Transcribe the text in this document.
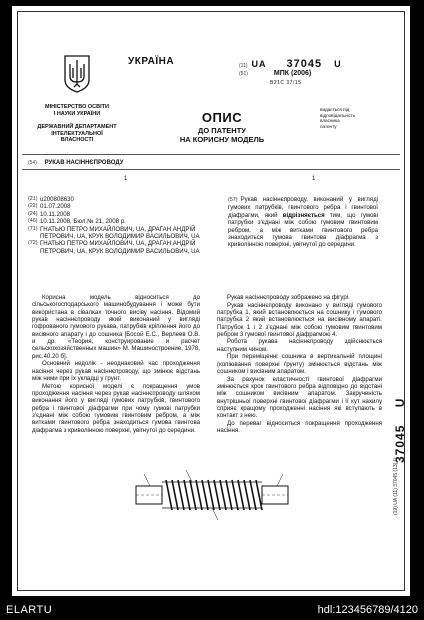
УКРАЇНА
МІНІСТЕРСТВО ОСВІТИ
І НАУКИ УКРАЇНИ
ДЕРЖАВНИЙ ДЕПАРТАМЕНТ
ІНТЕЛЕКТУАЛЬНОЇ
ВЛАСНОСТІ
(11) UA 37045 U
(51)	МПК (2006)
B21C 37/15
ОПИС
ДО ПАТЕНТУ
НА КОРИСНУ МОДЕЛЬ
видається під
відповідальність
власника
патенту
(54) РУКАВ НАСІННЄПРОВОДУ
1	1
(21) u200808630
(22) 01.07.2008
(24) 10.11.2008
(46) 10.11.2008, Бюл.№ 21, 2008 р.
(71) ГНАТЬЮ ПЕТРО МИХАЙЛОВИЧ, UA, ДРАГАН АНДРІЙ ПЕТРОВИЧ, UA, КРУК ВОЛОДИМИР ВАСИЛЬОВИЧ, UA
(72) ГНАТЬЮ ПЕТРО МИХАЙЛОВИЧ, UA, ДРАГАН АНДРІЙ ПЕТРОВИЧ, UA, КРУК ВОЛОДИМИР ВАСИЛЬОВИЧ, UA
(57) Рукав насіннєпроводу, виконаний у вигляді гумових патрубків, гвинтового ребра і гвинтової діафрагми, який відрізняється тим, що гумові патрубки з'єднані між собою гумовим гвинтовим ребром, а між витками гвинтового ребра знаходиться гумова гвинтова діафрагма з криволінною поверхні, увігнутої до середини.

Корисна модель відноситься до сільськогосподарського машинобудування і може бути використана в сівалках точного висіву насіння. Відомий рукав насіннєпроводу який виконаний у вигляді гофрованого гумового рукава, патрубків кріплення його до висівного апарату і до сошника [Босой Е.С., Верлеев О.В. и др. «Теория, конструирование и расчет сельскохозяйственных машин» М. Машиностроение, 1978, рис.40.20 б].

Основний недолік - неоднаковий час проходження насіння через рукав насіннєпроводу, що змінює відстань між ними при їх укладці у грунт.

Метою корисної моделі є покращення умов проходження насіння через рукав насіннєпроводу шляхом виконання його у вигляді гумових патрубків, гвинтового ребра і гвинтової діафрагми при чому гумові патрубки з'єднані між собою гумовим гвинтовим ребром, а між витками гвинтового ребра знаходиться гумова гвинтова діафрагма з криволінною поверхні, увігнутої до середини.

Рукав насіннєпроводу зображено на фігурі.

Рукав насіннєпроводу виконано у вигляді гумового патрубка 1, який встановлюється на сошнику і гумового патрубка 2 який встановлюється на висівному апараті. Патрубок 1 і 2 з'єднані між собою гумовим гвинтовим ребром 3 гумової гвинтової діафрагмою 4.

Робота рукава насіннєпроводу здійснюється наступним чином.

При переміщенні сошника в вертикальній площині (копіювання поверхні ґрунту) змінюється відстань між сошником і висівним апаратом.

За рахунок еластичності гвинтової діафрагми змінюється крок гвинтового ребра відповідно до відстані між сошником висівним апаратом. Закрученість внутрішньої поверхні гвинтової діафрагми і її кут нахилу сприяє кращому проходженні насіння які вступають в контакт з нею.

До переваг відноситься покращення проходження насіння.	37045    U
(19) UA (11) 37045 (13) U
ELARTU	hdl:123456789/4120
